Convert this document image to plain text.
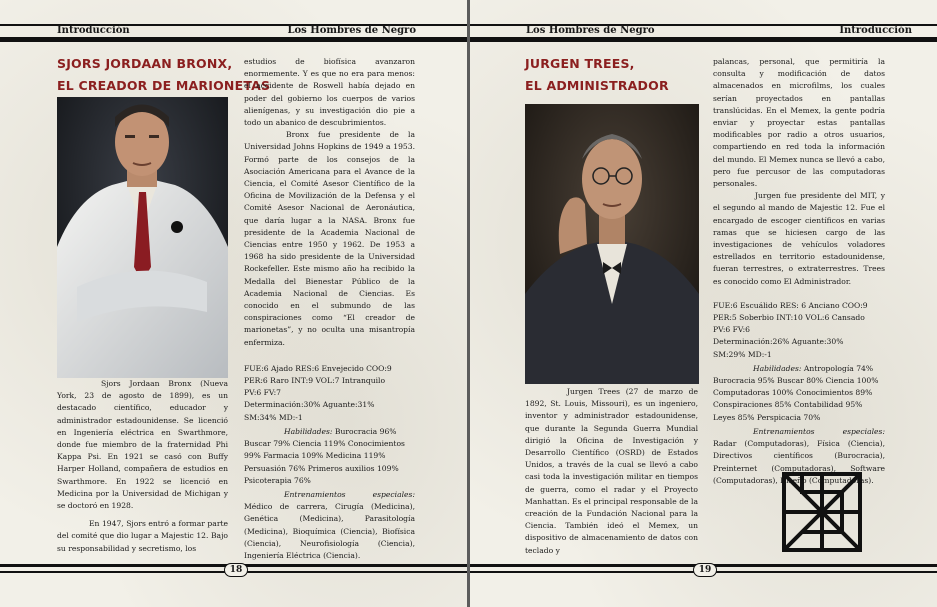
Introducción	Los Hombres de Negro
SJORS JORDAAN BRONX,
EL CREADOR DE MARIONETAS

Sjors Jordaan Bronx (Nueva York, 23 de agosto de 1899), es un destacado científico, educador y administrador estadounidense. Se licenció en Ingeniería eléctrica en Swarthmore, donde fue miembro de la fraternidad Phi Kappa Psi. En 1921 se casó con Buffy Harper Holland, compañera de estudios en Swarthmore. En 1922 se licenció en Medicina por la Universidad de Michigan y se doctoró en 1928.

En 1947, Sjors entró a formar parte del comité que dio lugar a Majestic 12. Bajo su responsabilidad y secretismo, los

estudios de biofísica avanzaron enormemente. Y es que no era para menos: el accidente de Roswell había dejado en poder del gobierno los cuerpos de varios alienígenas, y su investigación dio pie a todo un abanico de descubrimientos.

Bronx fue presidente de la Universidad Johns Hopkins de 1949 a 1953. Formó parte de los consejos de la Asociación Americana para el Avance de la Ciencia, el Comité Asesor Científico de la Oficina de Movilización de la Defensa y el Comité Asesor Nacional de Aeronáutica, que daría lugar a la NASA. Bronx fue presidente de la Academia Nacional de Ciencias entre 1950 y 1962. De 1953 a 1968 ha sido presidente de la Universidad Rockefeller. Este mismo año ha recibido la Medalla del Bienestar Público de la Academia Nacional de Ciencias. Es conocido en el submundo de las conspiraciones como “El creador de marionetas”, y no oculta una misantropía enfermiza.

FUE:6 Ajado RES:6 Envejecido COO:9
PER:6 Raro INT:9 VOL:7 Intranquilo
PV:6 FV:7
Determinación:30% Aguante:31%
SM:34% MD:-1

Habilidades: Burocracia 96% Buscar 79% Ciencia 119% Conocimientos 99% Farmacia 109% Medicina 119% Persuasión 76% Primeros auxilios 109% Psicoterapia 76%

Entrenamientos especiales: Médico de carrera, Cirugía (Medicina), Genética (Medicina), Parasitología (Medicina), Bioquímica (Ciencia), Biofísica (Ciencia), Neurofisiología (Ciencia), Ingeniería Eléctrica (Ciencia).

18
Los Hombres de Negro	Introducción
JURGEN TREES,
EL ADMINISTRADOR

Jurgen Trees (27 de marzo de 1892, St. Louis, Missouri), es un ingeniero, inventor y administrador estadounidense, que durante la Segunda Guerra Mundial dirigió la Oficina de Investigación y Desarrollo Científico (OSRD) de Estados Unidos, a través de la cual se llevó a cabo casi toda la investigación militar en tiempos de guerra, como el radar y el Proyecto Manhattan. Es el principal responsable de la creación de la Fundación Nacional para la Ciencia. También ideó el Memex, un dispositivo de almacenamiento de datos con teclado y

palancas, personal, que permitiría la consulta y modificación de datos almacenados en microfilms, los cuales serían proyectados en pantallas translúcidas. En el Memex, la gente podría enviar y proyectar estas pantallas modificables por radio a otros usuarios, compartiendo en red toda la información del mundo. El Memex nunca se llevó a cabo, pero fue percusor de las computadoras personales.

Jurgen fue presidente del MIT, y el segundo al mando de Majestic 12. Fue el encargado de escoger científicos en varias ramas que se hiciesen cargo de las investigaciones de vehículos voladores estrellados en territorio estadounidense, fueran terrestres, o extraterrestres. Trees es conocido como El Administrador.

FUE:6 Escuálido RES: 6 Anciano COO:9
PER:5 Soberbio INT:10 VOL:6 Cansado
PV:6 FV:6
Determinación:26% Aguante:30%
SM:29% MD:-1

Habilidades: Antropología 74% Burocracia 95% Buscar 80% Ciencia 100% Computadoras 100% Conocimientos 89% Conspiraciones 85% Contabilidad 95% Leyes 85% Perspicacia 70%

Entrenamientos especiales: Radar (Computadoras), Física (Ciencia), Directivos científicos (Burocracia), Preinternet (Computadoras), Software (Computadoras), Diseño (Computadoras).

19
